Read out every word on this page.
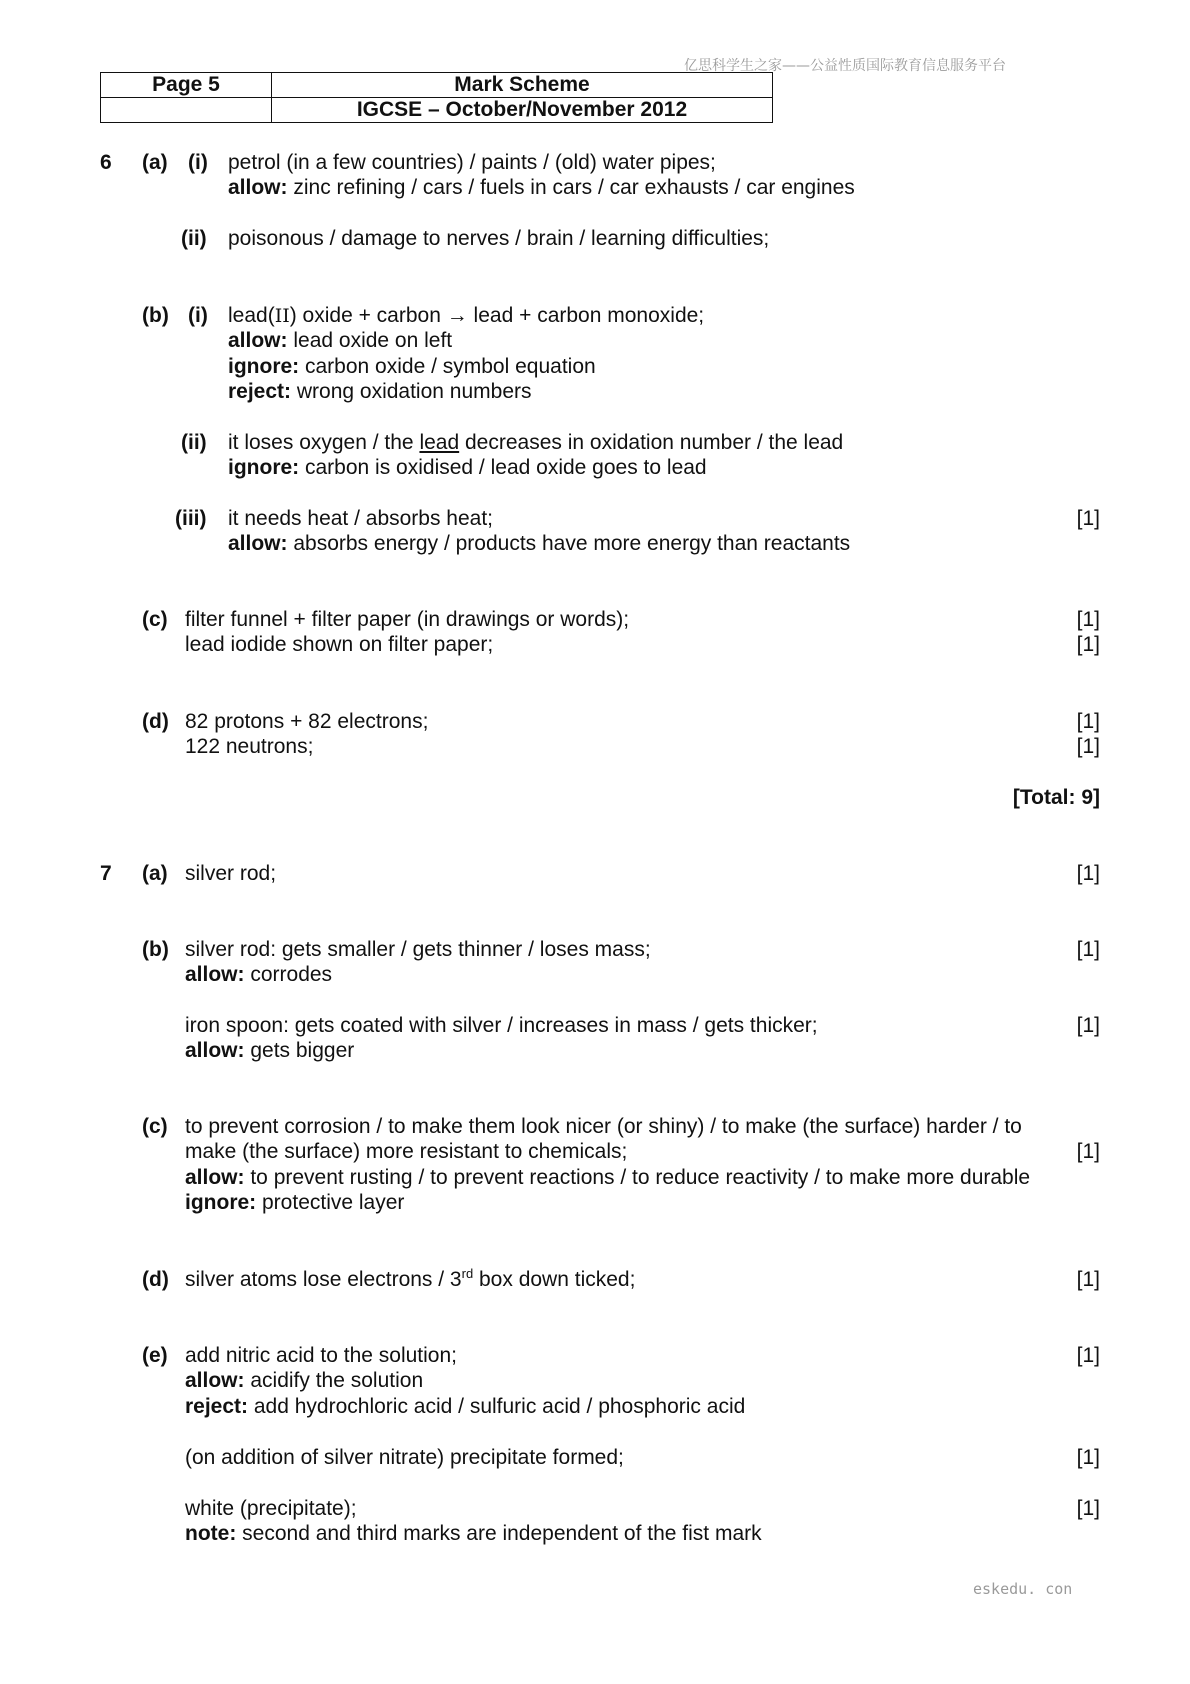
亿思科学生之家——公益性质国际教育信息服务平台
eskedu. con
Page 5	Mark Scheme
	IGCSE – October/November 2012
6 (a) (i) petrol (in a few countries) / paints / (old) water pipes;
allow: zinc refining / cars / fuels in cars / car exhausts / car engines
(ii) poisonous / damage to nerves / brain / learning difficulties;
(b) (i) lead(II) oxide + carbon → lead + carbon monoxide;
allow: lead oxide on left
ignore: carbon oxide / symbol equation
reject: wrong oxidation numbers
(ii) it loses oxygen / the lead decreases in oxidation number / the lead
ignore: carbon is oxidised / lead oxide goes to lead
(iii) it needs heat / absorbs heat;	[1]
allow: absorbs energy / products have more energy than reactants
(c) filter funnel + filter paper (in drawings or words);	[1]
lead iodide shown on filter paper;	[1]
(d) 82 protons + 82 electrons;	[1]
122 neutrons;	[1]
[Total: 9]
7 (a) silver rod;	[1]
(b) silver rod: gets smaller / gets thinner / loses mass;	[1]
allow: corrodes
iron spoon: gets coated with silver / increases in mass / gets thicker;	[1]
allow: gets bigger
(c) to prevent corrosion / to make them look nicer (or shiny) / to make (the surface) harder / to
make (the surface) more resistant to chemicals;	[1]
allow: to prevent rusting / to prevent reactions / to reduce reactivity / to make more durable
ignore: protective layer
(d) silver atoms lose electrons / 3rd box down ticked;	[1]
(e) add nitric acid to the solution;	[1]
allow: acidify the solution
reject: add hydrochloric acid / sulfuric acid / phosphoric acid
(on addition of silver nitrate) precipitate formed;	[1]
white (precipitate);	[1]
note: second and third marks are independent of the fist mark
